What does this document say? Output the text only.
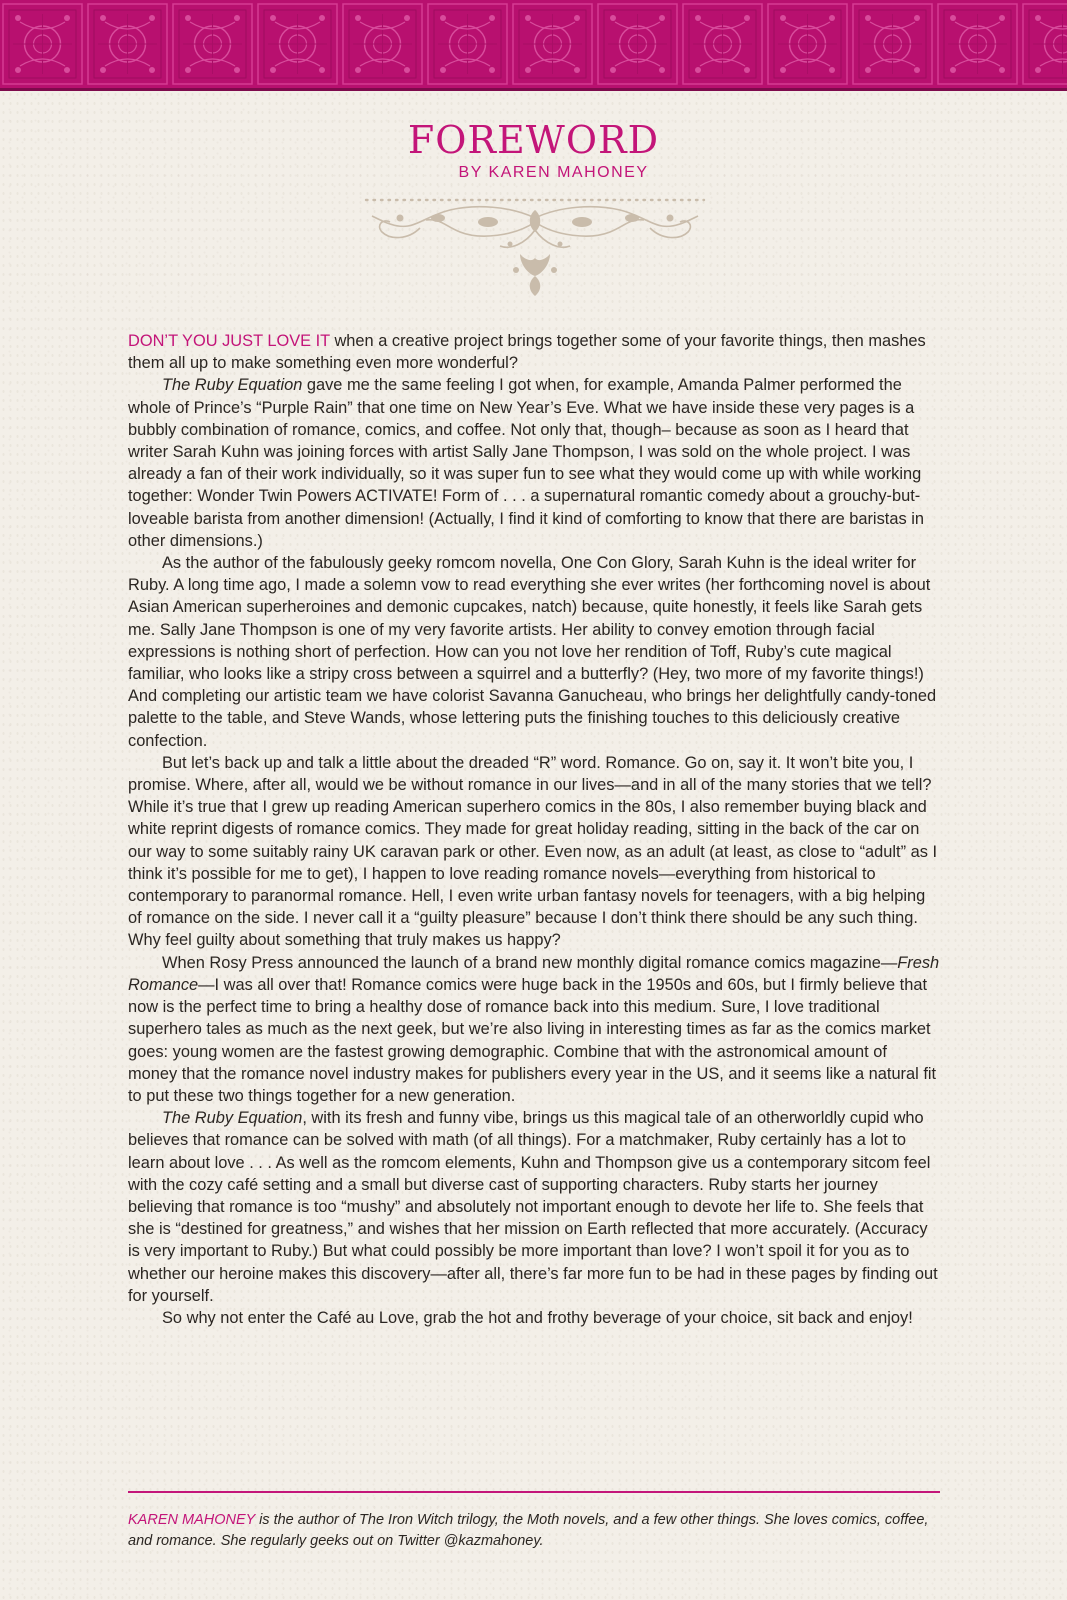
FOREWORD
BY KAREN MAHONEY

DON’T YOU JUST LOVE IT when a creative project brings together some of your favorite things, then mashes them all up to make something even more wonderful?

The Ruby Equation gave me the same feeling I got when, for example, Amanda Palmer performed the whole of Prince’s “Purple Rain” that one time on New Year’s Eve. What we have inside these very pages is a bubbly combination of romance, comics, and coffee. Not only that, though– because as soon as I heard that writer Sarah Kuhn was joining forces with artist Sally Jane Thompson, I was sold on the whole project. I was already a fan of their work individually, so it was super fun to see what they would come up with while working together: Wonder Twin Powers ACTIVATE! Form of . . . a supernatural romantic comedy about a grouchy-but-loveable barista from another dimension! (Actually, I find it kind of comforting to know that there are baristas in other dimensions.)

As the author of the fabulously geeky romcom novella, One Con Glory, Sarah Kuhn is the ideal writer for Ruby. A long time ago, I made a solemn vow to read everything she ever writes (her forthcoming novel is about Asian American superheroines and demonic cupcakes, natch) because, quite honestly, it feels like Sarah gets me. Sally Jane Thompson is one of my very favorite artists. Her ability to convey emotion through facial expressions is nothing short of perfection. How can you not love her rendition of Toff, Ruby’s cute magical familiar, who looks like a stripy cross between a squirrel and a butterfly? (Hey, two more of my favorite things!) And completing our artistic team we have colorist Savanna Ganucheau, who brings her delightfully candy-toned palette to the table, and Steve Wands, whose lettering puts the finishing touches to this deliciously creative confection.

But let’s back up and talk a little about the dreaded “R” word. Romance. Go on, say it. It won’t bite you, I promise. Where, after all, would we be without romance in our lives—and in all of the many stories that we tell? While it’s true that I grew up reading American superhero comics in the 80s, I also remember buying black and white reprint digests of romance comics. They made for great holiday reading, sitting in the back of the car on our way to some suitably rainy UK caravan park or other. Even now, as an adult (at least, as close to “adult” as I think it’s possible for me to get), I happen to love reading romance novels—everything from historical to contemporary to paranormal romance. Hell, I even write urban fantasy novels for teenagers, with a big helping of romance on the side. I never call it a “guilty pleasure” because I don’t think there should be any such thing. Why feel guilty about something that truly makes us happy?

When Rosy Press announced the launch of a brand new monthly digital romance comics magazine—Fresh Romance—I was all over that! Romance comics were huge back in the 1950s and 60s, but I firmly believe that now is the perfect time to bring a healthy dose of romance back into this medium. Sure, I love traditional superhero tales as much as the next geek, but we’re also living in interesting times as far as the comics market goes: young women are the fastest growing demographic. Combine that with the astronomical amount of money that the romance novel industry makes for publishers every year in the US, and it seems like a natural fit to put these two things together for a new generation.

The Ruby Equation, with its fresh and funny vibe, brings us this magical tale of an otherworldly cupid who believes that romance can be solved with math (of all things). For a matchmaker, Ruby certainly has a lot to learn about love . . . As well as the romcom elements, Kuhn and Thompson give us a contemporary sitcom feel with the cozy café setting and a small but diverse cast of supporting characters. Ruby starts her journey believing that romance is too “mushy” and absolutely not important enough to devote her life to. She feels that she is “destined for greatness,” and wishes that her mission on Earth reflected that more accurately. (Accuracy is very important to Ruby.) But what could possibly be more important than love? I won’t spoil it for you as to whether our heroine makes this discovery—after all, there’s far more fun to be had in these pages by finding out for yourself.

So why not enter the Café au Love, grab the hot and frothy beverage of your choice, sit back and enjoy!

KAREN MAHONEY is the author of The Iron Witch trilogy, the Moth novels, and a few other things. She loves comics, coffee, and romance. She regularly geeks out on Twitter @kazmahoney.
